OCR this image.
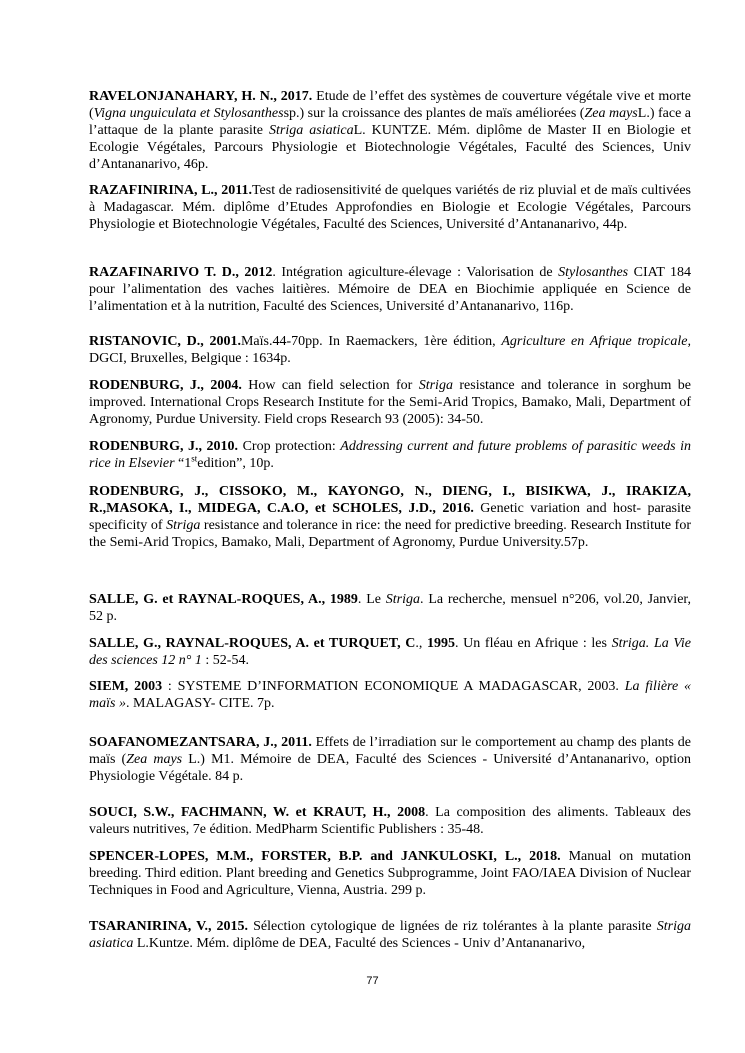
RAVELONJANAHARY, H. N., 2017. Etude de l’effet des systèmes de couverture végétale vive et morte (Vigna unguiculata et Stylosanthessp.) sur la croissance des plantes de maïs améliorées (Zea maysL.) face a l’attaque de la plante parasite Striga asiaticaL. KUNTZE. Mém. diplôme de Master II en Biologie et Ecologie Végétales, Parcours Physiologie et Biotechnologie Végétales, Faculté des Sciences, Univ d’Antananarivo, 46p.

RAZAFINIRINA, L., 2011.Test de radiosensitivité de quelques variétés de riz pluvial et de maïs cultivées à Madagascar. Mém. diplôme d’Etudes Approfondies en Biologie et Ecologie Végétales, Parcours Physiologie et Biotechnologie Végétales, Faculté des Sciences, Université d’Antananarivo, 44p.

RAZAFINARIVO T. D., 2012. Intégration agiculture-élevage : Valorisation de Stylosanthes CIAT 184 pour l’alimentation des vaches laitières. Mémoire de DEA en Biochimie appliquée en Science de l’alimentation et à la nutrition, Faculté des Sciences, Université d’Antananarivo, 116p.

RISTANOVIC, D., 2001.Maïs.44-70pp. In Raemackers, 1ère édition, Agriculture en Afrique tropicale, DGCI, Bruxelles, Belgique : 1634p.

RODENBURG, J., 2004. How can field selection for Striga resistance and tolerance in sorghum be improved. International Crops Research Institute for the Semi-Arid Tropics, Bamako, Mali, Department of Agronomy, Purdue University. Field crops Research 93 (2005): 34-50.

RODENBURG, J., 2010. Crop protection: Addressing current and future problems of parasitic weeds in rice in Elsevier “1stedition”, 10p.

RODENBURG, J., CISSOKO, M., KAYONGO, N., DIENG, I., BISIKWA, J., IRAKIZA, R.,MASOKA, I., MIDEGA, C.A.O, et SCHOLES, J.D., 2016. Genetic variation and host- parasite specificity of Striga resistance and tolerance in rice: the need for predictive breeding. Research Institute for the Semi-Arid Tropics, Bamako, Mali, Department of Agronomy, Purdue University.57p.

SALLE, G. et RAYNAL-ROQUES, A., 1989. Le Striga. La recherche, mensuel n°206, vol.20, Janvier, 52 p.

SALLE, G., RAYNAL-ROQUES, A. et TURQUET, C., 1995. Un fléau en Afrique : les Striga. La Vie des sciences 12 n° 1 : 52-54.

SIEM, 2003 : SYSTEME D’INFORMATION ECONOMIQUE A MADAGASCAR, 2003. La filière « maïs ». MALAGASY- CITE. 7p.

SOAFANOMEZANTSARA, J., 2011. Effets de l’irradiation sur le comportement au champ des plants de maïs (Zea mays L.) M1. Mémoire de DEA, Faculté des Sciences - Université d’Antananarivo, option Physiologie Végétale. 84 p.

SOUCI, S.W., FACHMANN, W. et KRAUT, H., 2008. La composition des aliments. Tableaux des valeurs nutritives, 7e édition. MedPharm Scientific Publishers : 35-48.

SPENCER-LOPES, M.M., FORSTER, B.P. and JANKULOSKI, L., 2018. Manual on mutation breeding. Third edition. Plant breeding and Genetics Subprogramme, Joint FAO/IAEA Division of Nuclear Techniques in Food and Agriculture, Vienna, Austria. 299 p.

TSARANIRINA, V., 2015. Sélection cytologique de lignées de riz tolérantes à la plante parasite Striga asiatica L.Kuntze. Mém. diplôme de DEA, Faculté des Sciences - Univ d’Antananarivo,

77
